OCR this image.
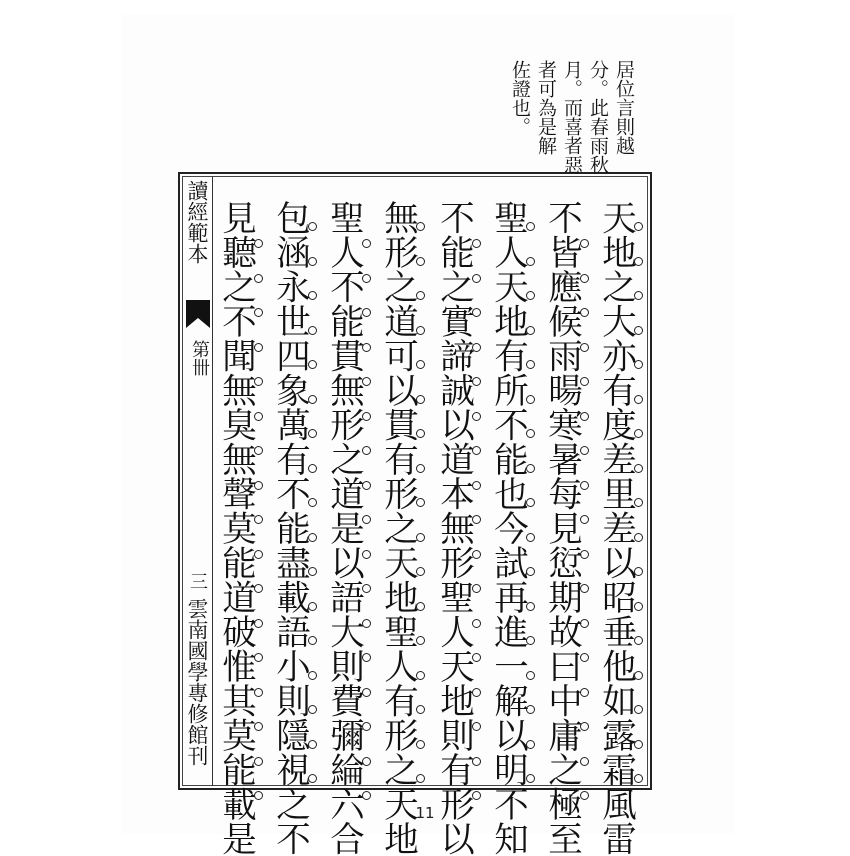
居位言則越
分。此春雨秋
月。而喜者惡
者可為是解
佐證也。
讀經範本
第卌
三
雲南國學專修館刊	天地之大亦有度差里差以昭垂他如露霜風雷
不皆應候雨暘寒暑每見愆期故曰中庸之極至
聖人天地有所不能也今試再進一解以明不知
不能之實諦誠以道本無形聖人天地則有形以
無形之道可以貫有形之天地聖人有形之天地
聖人不能貫無形之道是以語大則費彌綸六合
包涵永世四象萬有不能盡載語小則隱視之不
見聽之不聞無臭無聲莫能道破惟其莫能載是	11
